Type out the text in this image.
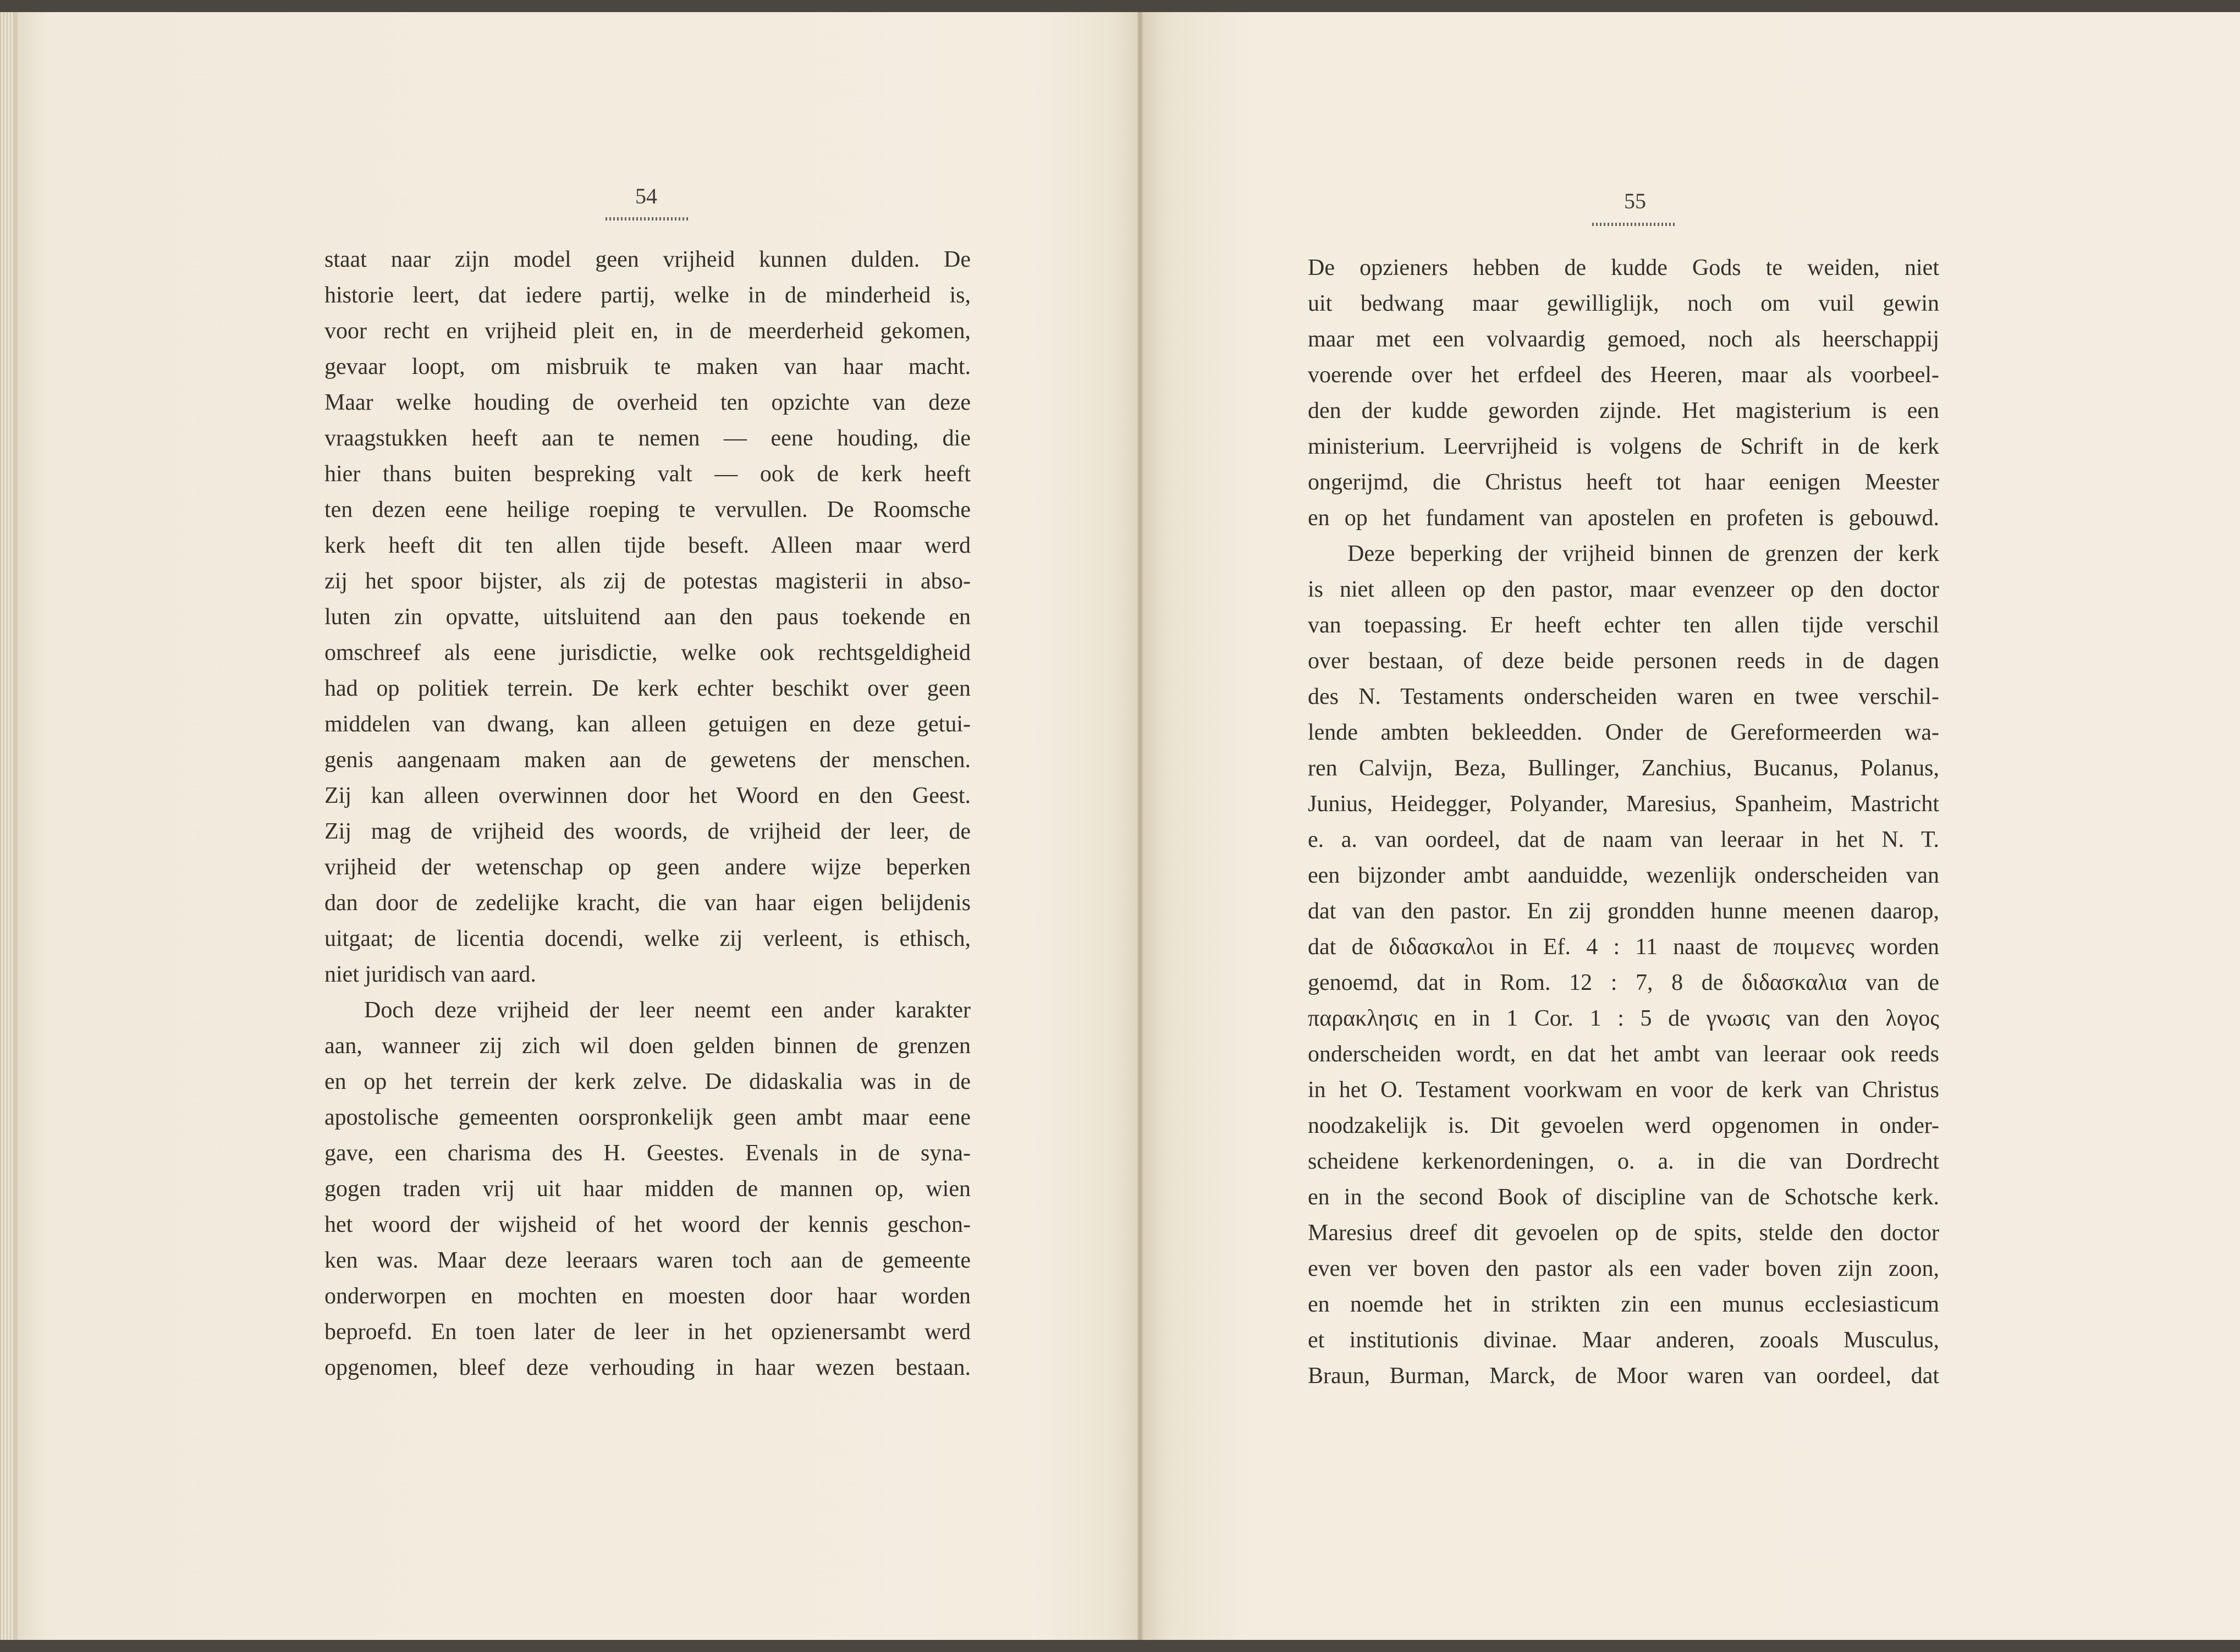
54	55
staat naar zijn model geen vrijheid kunnen dulden. De
historie leert, dat iedere partij, welke in de minderheid is,
voor recht en vrijheid pleit en, in de meerderheid gekomen,
gevaar loopt, om misbruik te maken van haar macht.
Maar welke houding de overheid ten opzichte van deze
vraagstukken heeft aan te nemen — eene houding, die
hier thans buiten bespreking valt — ook de kerk heeft
ten dezen eene heilige roeping te vervullen. De Roomsche
kerk heeft dit ten allen tijde beseft. Alleen maar werd
zij het spoor bijster, als zij de potestas magisterii in abso-
luten zin opvatte, uitsluitend aan den paus toekende en
omschreef als eene jurisdictie, welke ook rechtsgeldigheid
had op politiek terrein. De kerk echter beschikt over geen
middelen van dwang, kan alleen getuigen en deze getui-
genis aangenaam maken aan de gewetens der menschen.
Zij kan alleen overwinnen door het Woord en den Geest.
Zij mag de vrijheid des woords, de vrijheid der leer, de
vrijheid der wetenschap op geen andere wijze beperken
dan door de zedelijke kracht, die van haar eigen belijdenis
uitgaat; de licentia docendi, welke zij verleent, is ethisch,
niet juridisch van aard.
Doch deze vrijheid der leer neemt een ander karakter
aan, wanneer zij zich wil doen gelden binnen de grenzen
en op het terrein der kerk zelve. De didaskalia was in de
apostolische gemeenten oorspronkelijk geen ambt maar eene
gave, een charisma des H. Geestes. Evenals in de syna-
gogen traden vrij uit haar midden de mannen op, wien
het woord der wijsheid of het woord der kennis geschon-
ken was. Maar deze leeraars waren toch aan de gemeente
onderworpen en mochten en moesten door haar worden
beproefd. En toen later de leer in het opzienersambt werd
opgenomen, bleef deze verhouding in haar wezen bestaan.
De opzieners hebben de kudde Gods te weiden, niet
uit bedwang maar gewilliglijk, noch om vuil gewin
maar met een volvaardig gemoed, noch als heerschappij
voerende over het erfdeel des Heeren, maar als voorbeel-
den der kudde geworden zijnde. Het magisterium is een
ministerium. Leervrijheid is volgens de Schrift in de kerk
ongerijmd, die Christus heeft tot haar eenigen Meester
en op het fundament van apostelen en profeten is gebouwd.
Deze beperking der vrijheid binnen de grenzen der kerk
is niet alleen op den pastor, maar evenzeer op den doctor
van toepassing. Er heeft echter ten allen tijde verschil
over bestaan, of deze beide personen reeds in de dagen
des N. Testaments onderscheiden waren en twee verschil-
lende ambten bekleedden. Onder de Gereformeerden wa-
ren Calvijn, Beza, Bullinger, Zanchius, Bucanus, Polanus,
Junius, Heidegger, Polyander, Maresius, Spanheim, Mastricht
e. a. van oordeel, dat de naam van leeraar in het N. T.
een bijzonder ambt aanduidde, wezenlijk onderscheiden van
dat van den pastor. En zij grondden hunne meenen daarop,
dat de διδασκαλοι in Ef. 4 : 11 naast de ποιμενες worden
genoemd, dat in Rom. 12 : 7, 8 de διδασκαλια van de
παρακλησις en in 1 Cor. 1 : 5 de γνωσις van den λογος
onderscheiden wordt, en dat het ambt van leeraar ook reeds
in het O. Testament voorkwam en voor de kerk van Christus
noodzakelijk is. Dit gevoelen werd opgenomen in onder-
scheidene kerkenordeningen, o. a. in die van Dordrecht
en in the second Book of discipline van de Schotsche kerk.
Maresius dreef dit gevoelen op de spits, stelde den doctor
even ver boven den pastor als een vader boven zijn zoon,
en noemde het in strikten zin een munus ecclesiasticum
et institutionis divinae. Maar anderen, zooals Musculus,
Braun, Burman, Marck, de Moor waren van oordeel, dat
